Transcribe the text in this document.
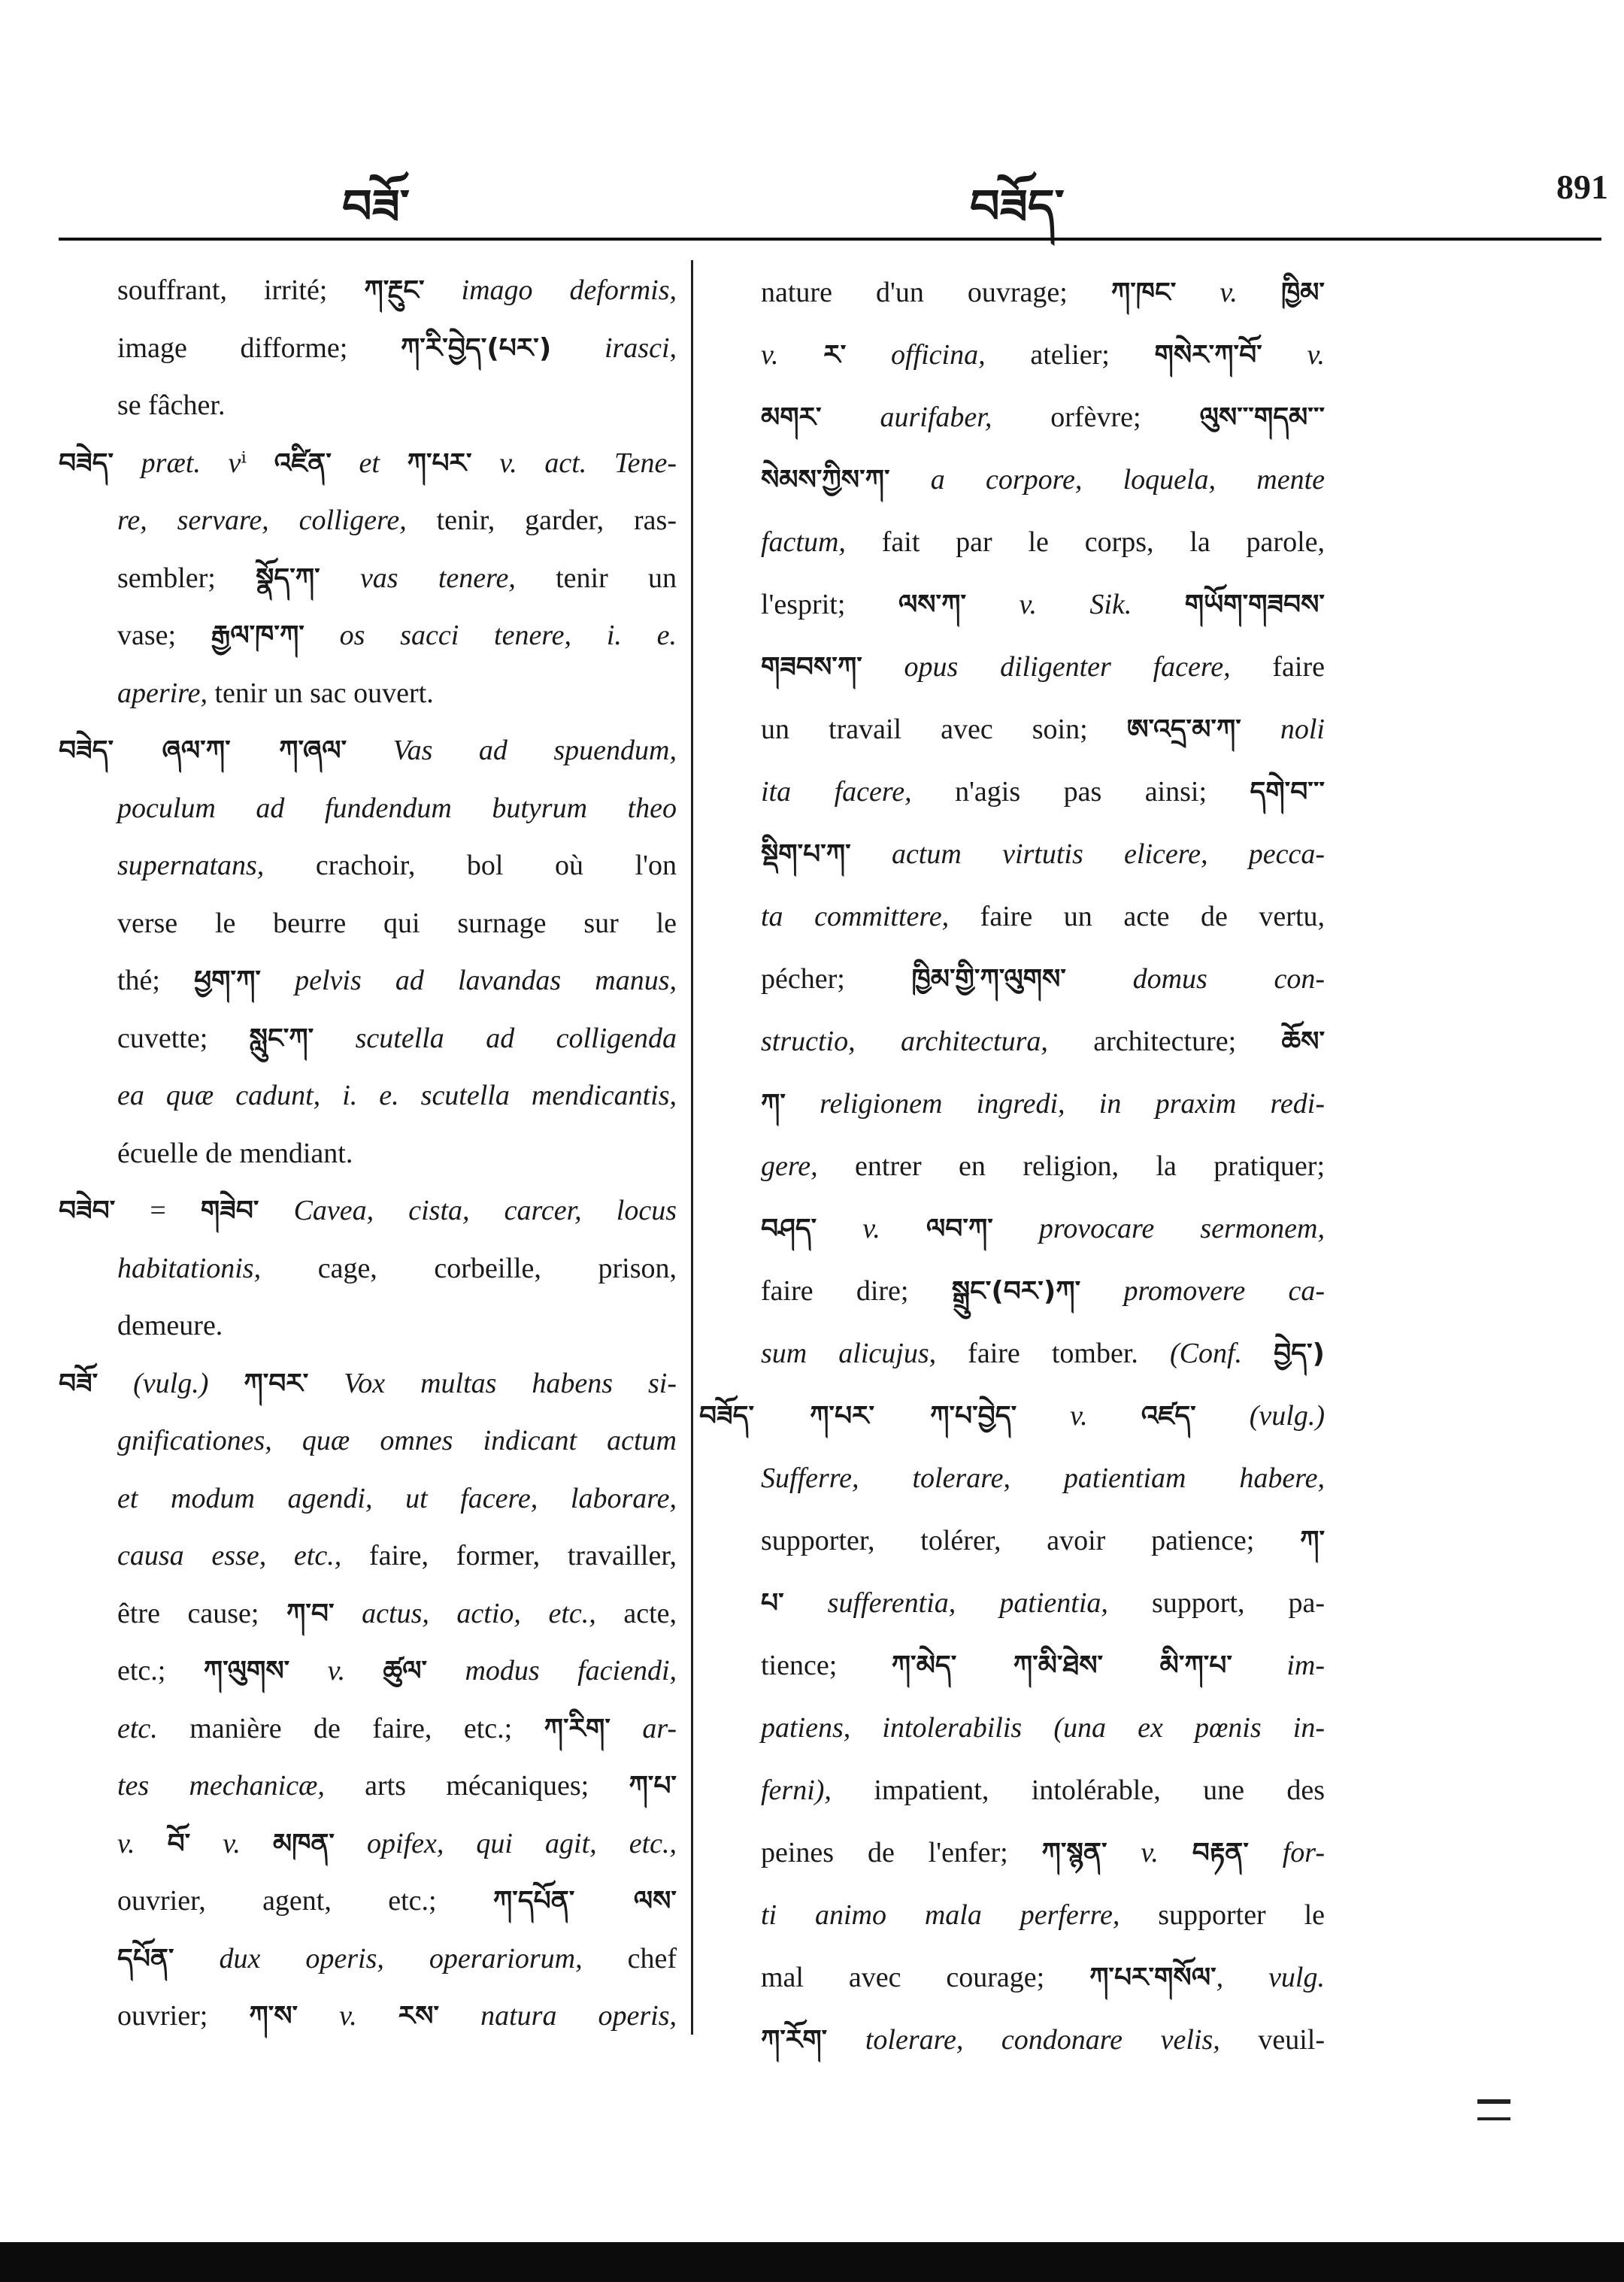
བཟོ་	བཟོད་	891
souffrant, irrité; ཀ་རྔུང་ imago deformis,
image difforme; ཀ་རི་བྱེད་(པར་) irasci,
se fâcher.
བཟེད་ præt. vⁱ འཛིན་ et ཀ་པར་ v. act. Tene-
re, servare, colligere, tenir, garder, ras-
sembler; སྣོད་ཀ་ vas tenere, tenir un
vase; རྒྱལ་ཁ་ཀ་ os sacci tenere, i. e.
aperire, tenir un sac ouvert.
བཟེད་ ཞལ་ཀ་ ཀ་ཞལ་ Vas ad spuendum,
poculum ad fundendum butyrum theo
supernatans, crachoir, bol où l'on
verse le beurre qui surnage sur le
thé; ཕྱག་ཀ་ pelvis ad lavandas manus,
cuvette; སླུང་ཀ་ scutella ad colligenda
ea quæ cadunt, i. e. scutella mendicantis,
écuelle de mendiant.
བཟེབ་ = གཟེབ་ Cavea, cista, carcer, locus
habitationis, cage, corbeille, prison,
demeure.
བཟོ་ (vulg.) ཀ་བར་ Vox multas habens si-
gnificationes, quæ omnes indicant actum
et modum agendi, ut facere, laborare,
causa esse, etc., faire, former, travailler,
être cause; ཀ་བ་ actus, actio, etc., acte,
etc.; ཀ་ལུགས་ v. ཚུལ་ modus faciendi,
etc. manière de faire, etc.; ཀ་རིག་ ar-
tes mechanicæ, arts mécaniques; ཀ་པ་
v. བོ་ v. མཁན་ opifex, qui agit, etc.,
ouvrier, agent, etc.; ཀ་དཔོན་ ལས་
དཔོན་ dux operis, operariorum, chef
ouvrier; ཀ་ས་ v. རས་ natura operis,
nature d'un ouvrage; ཀ་ཁང་ v. ཁྱིམ་
v. ར་ officina, atelier; གསེར་ཀ་བོ་ v.
མགར་ aurifaber, orfèvre; ལུས་་་གདམ་་་
སེམས་ཀྱིས་ཀ་ a corpore, loquela, mente
factum, fait par le corps, la parole,
l'esprit; ལས་ཀ་ v. Sik. གཡོག་གཟབས་
གཟབས་ཀ་ opus diligenter facere, faire
un travail avec soin; ཨ་འདྲ་མ་ཀ་ noli
ita facere, n'agis pas ainsi; དགེ་བ་་་
སྡིག་པ་ཀ་ actum virtutis elicere, pecca-
ta committere, faire un acte de vertu,
pécher; ཁྱིམ་གྱི་ཀ་ལུགས་ domus con-
structio, architectura, architecture; ཆོས་
ཀ་ religionem ingredi, in praxim redi-
gere, entrer en religion, la pratiquer;
བཤད་ v. ལབ་ཀ་ provocare sermonem,
faire dire; སྒྲུང་(བར་)ཀ་ promovere ca-
sum alicujus, faire tomber. (Conf. བྱེད་)
བཟོད་ ཀ་པར་ ཀ་པ་བྱེད་ v. འཛད་ (vulg.)
Sufferre, tolerare, patientiam habere,
supporter, tolérer, avoir patience; ཀ་
པ་ sufferentia, patientia, support, pa-
tience; ཀ་མེད་ ཀ་མི་ཐེས་ མི་ཀ་པ་ im-
patiens, intolerabilis (una ex pœnis in-
ferni), impatient, intolérable, une des
peines de l'enfer; ཀ་སྙན་ v. བརྟན་ for-
ti animo mala perferre, supporter le
mal avec courage; ཀ་པར་གསོལ་, vulg.
ཀ་རོག་ tolerare, condonare velis, veuil-
